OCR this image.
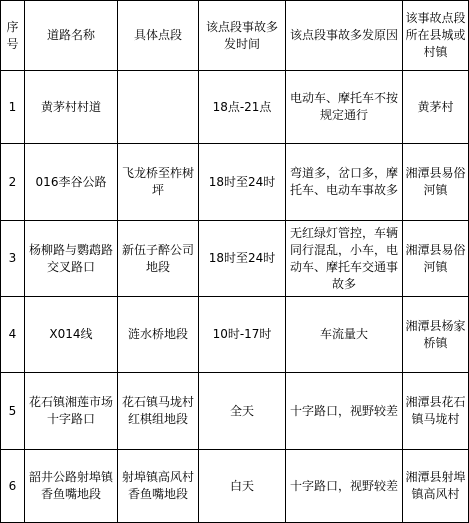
序号	道路名称	具体点段	该点段事故多发时间	该点段事故多发原因	该事故点段所在县城或村镇
1	黄茅村村道		18点-21点	电动车、摩托车不按规定通行	黄茅村
2	016李谷公路	飞龙桥至柞树坪	18时至24时	弯道多，岔口多，摩托车、电动车事故多	湘潭县易俗河镇
3	杨柳路与鹦鹉路交叉路口	新伍子醉公司地段	18时至24时	无红绿灯管控，车辆同行混乱，小车，电动车、摩托车交通事故多	湘潭县易俗河镇
4	X014线	涟水桥地段	10时-17时	车流量大	湘潭县杨家桥镇
5	花石镇湘莲市场十字路口	花石镇马垅村红棋组地段	全天	十字路口，视野较差	湘潭县花石镇马垅村
6	韶井公路射埠镇香鱼嘴地段	射埠镇高风村香鱼嘴地段	白天	十字路口，视野较差	湘潭县射埠镇高风村
